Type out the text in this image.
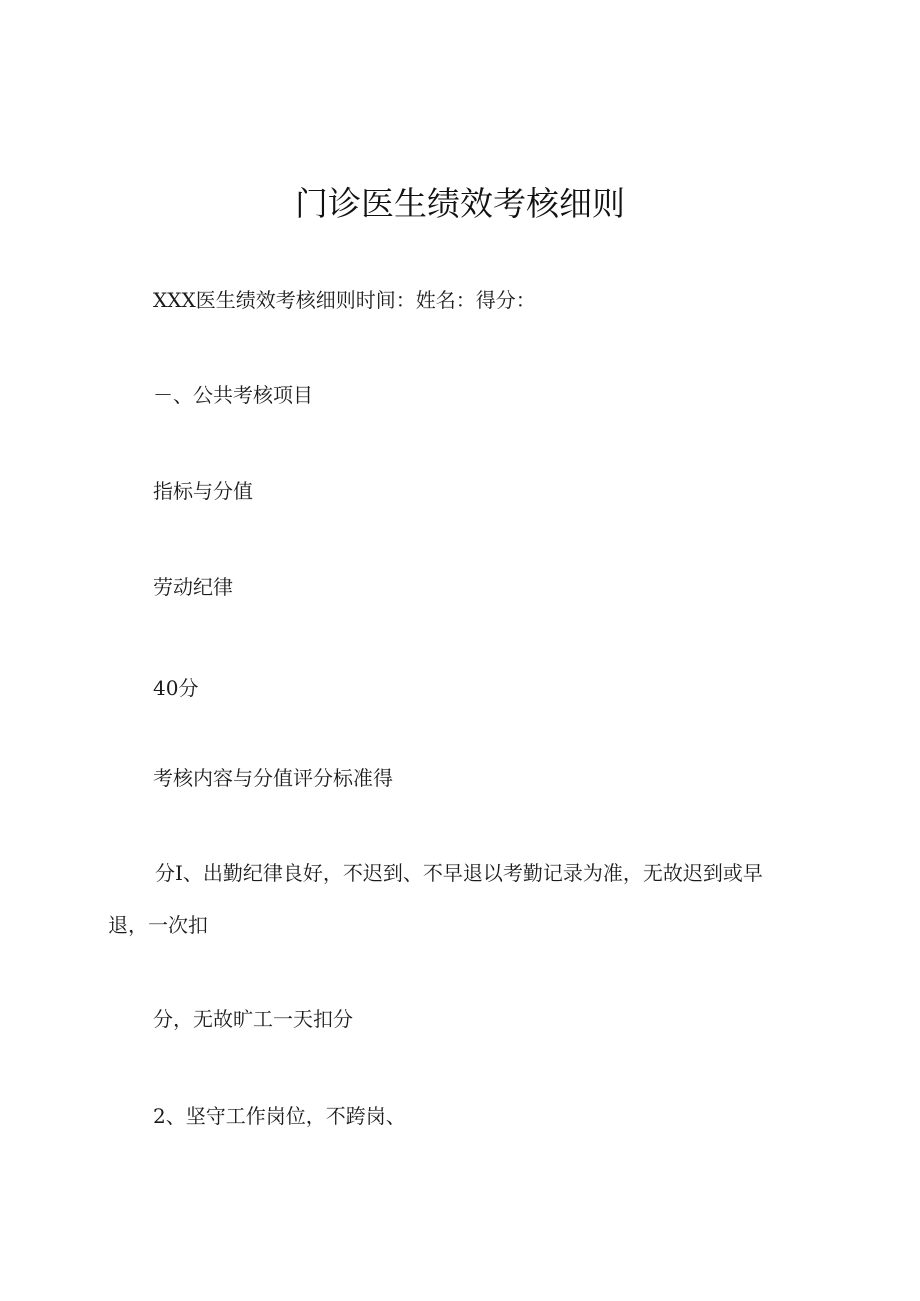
门诊医生绩效考核细则

XXX医生绩效考核细则时间：姓名：得分：

－、公共考核项目

指标与分值

劳动纪律

40分

考核内容与分值评分标准得

分I、出勤纪律良好，不迟到、不早退以考勤记录为准，无故迟到或早
退，一次扣

分，无故旷工一天扣分

2、坚守工作岗位，不跨岗、
